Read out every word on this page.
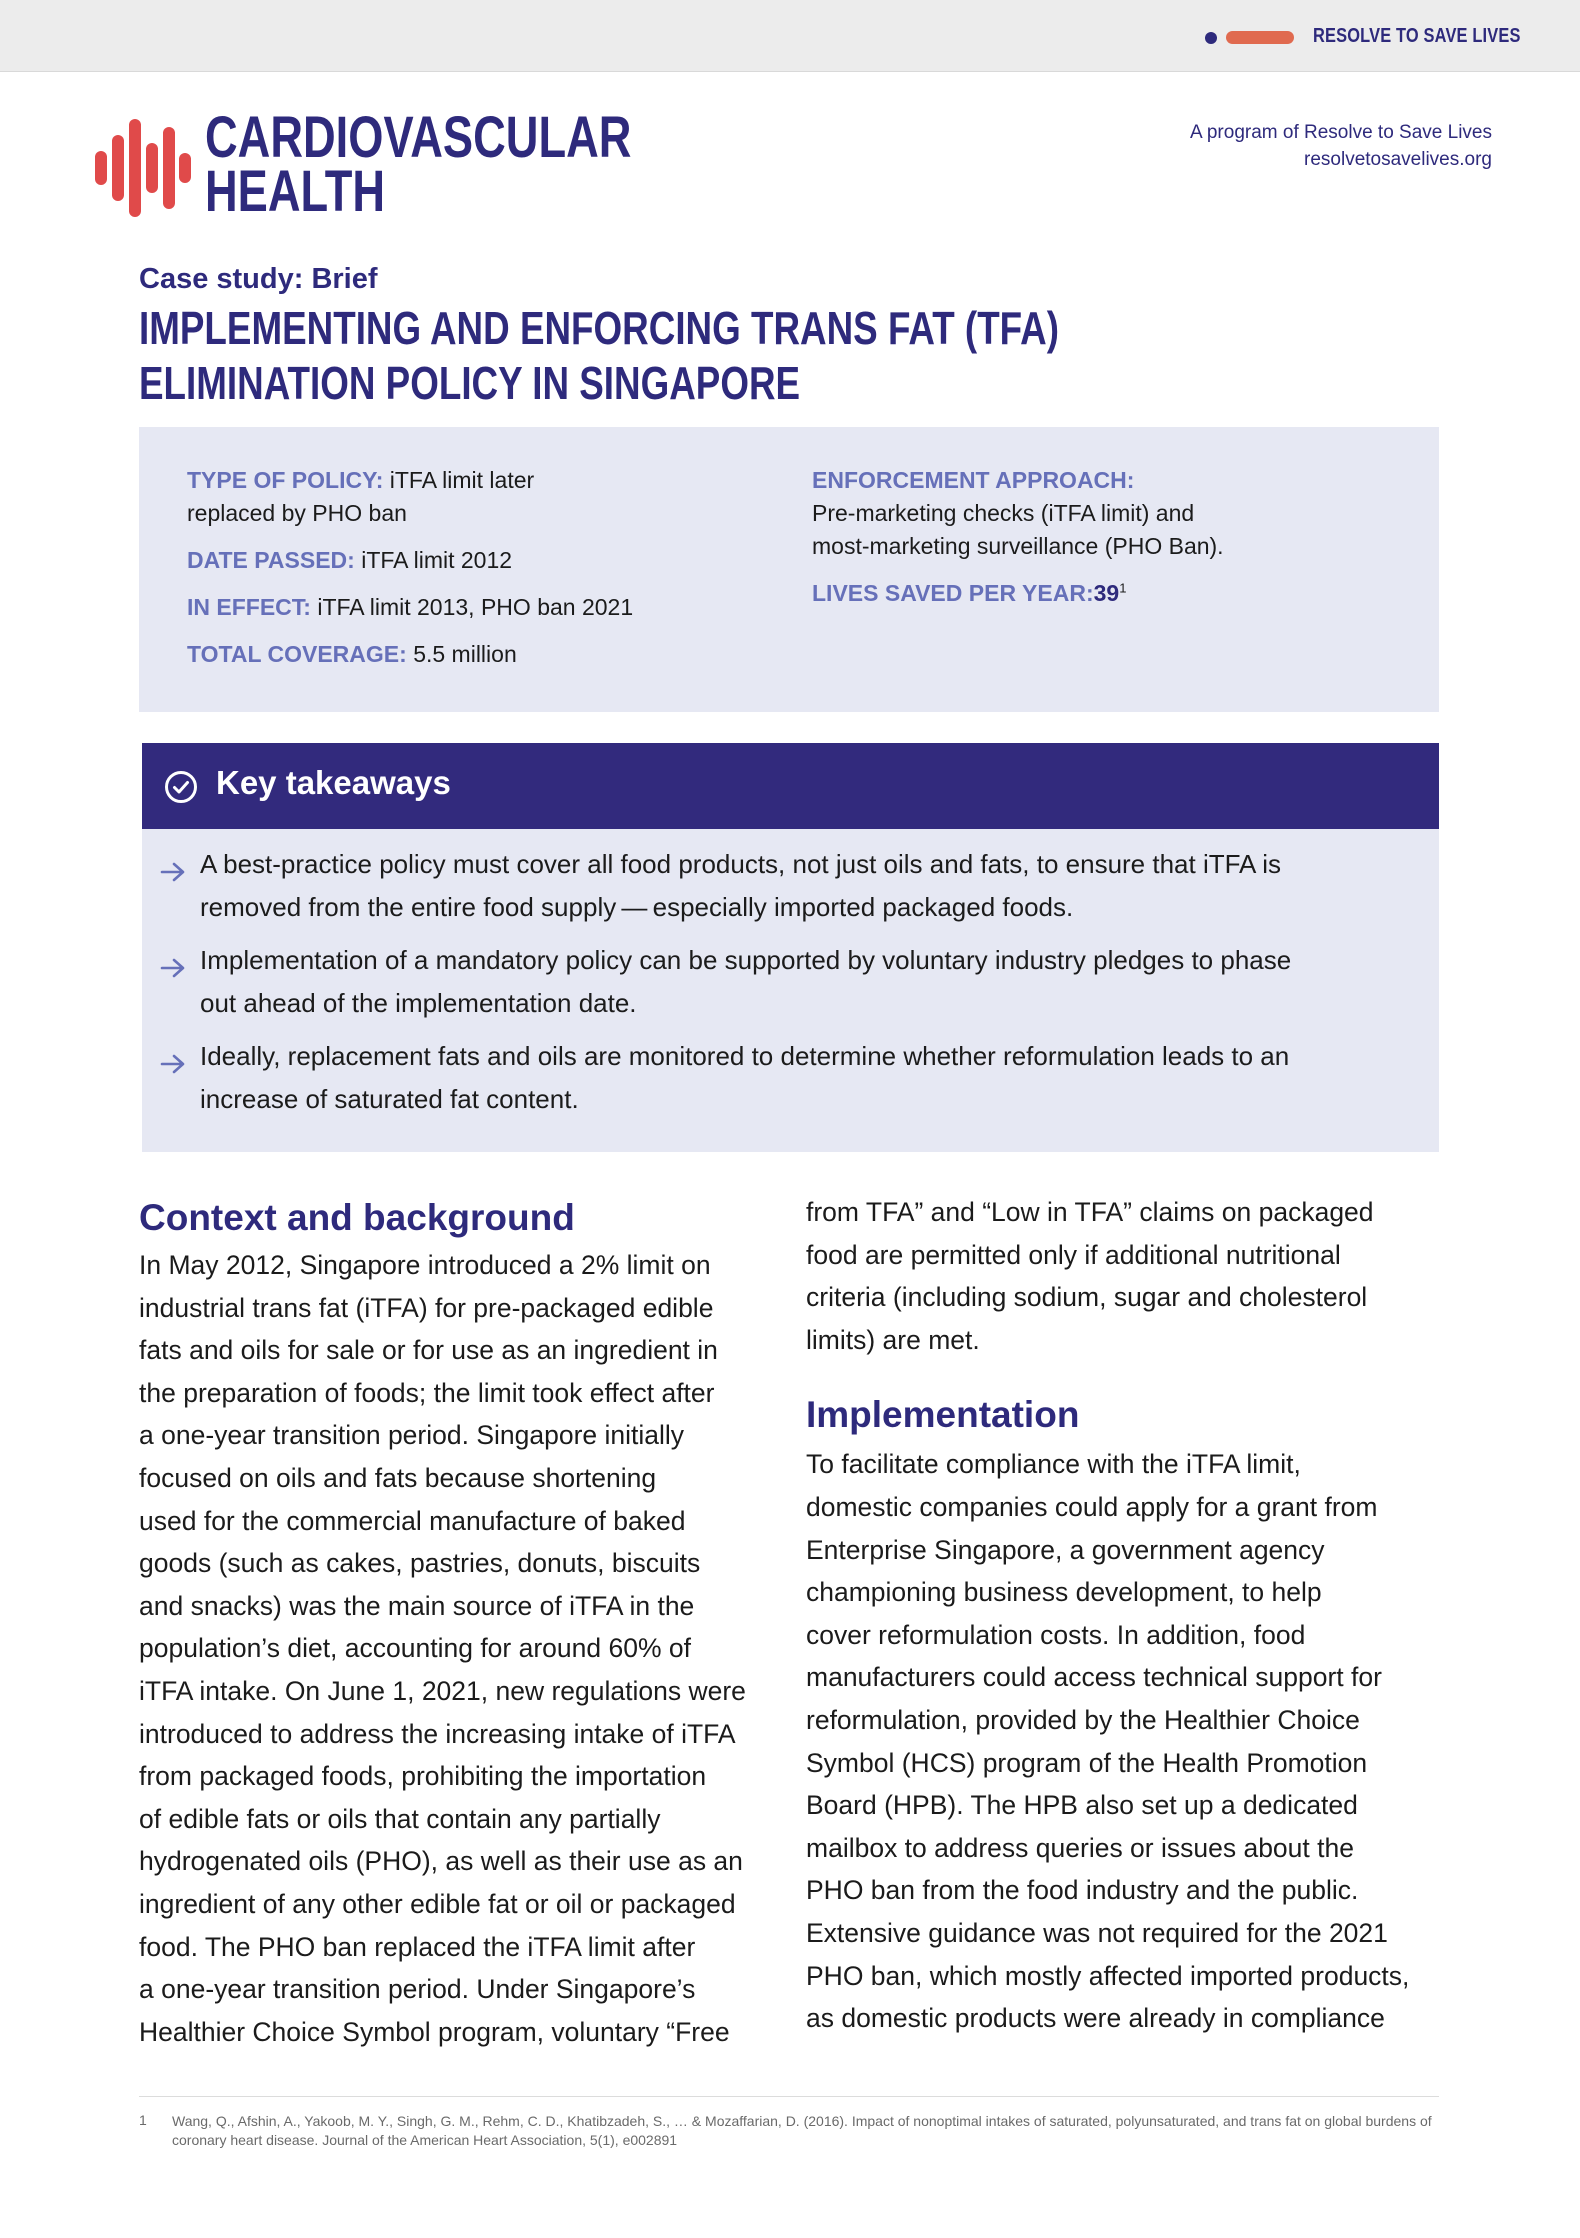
RESOLVE TO SAVE LIVES
CARDIOVASCULAR
HEALTH
A program of Resolve to Save Lives
resolvetosavelives.org
Case study: Brief
IMPLEMENTING AND ENFORCING TRANS FAT (TFA)
ELIMINATION POLICY IN SINGAPORE
TYPE OF POLICY: iTFA limit later
replaced by PHO ban
DATE PASSED: iTFA limit 2012
IN EFFECT: iTFA limit 2013, PHO ban 2021
TOTAL COVERAGE: 5.5 million
ENFORCEMENT APPROACH:
Pre-marketing checks (iTFA limit) and
most-marketing surveillance (PHO Ban).
LIVES SAVED PER $YEAR:39^1$
Key takeaways
A best-practice policy must cover all food products, not just oils and fats, to ensure that iTFA is
removed from the entire food supply — especially imported packaged foods.
Implementation of a mandatory policy can be supported by voluntary industry pledges to phase
out ahead of the implementation date.
Ideally, replacement fats and oils are monitored to determine whether reformulation leads to an
increase of saturated fat content.
Context and background
In May 2012, Singapore introduced a 2% limit on
industrial trans fat (iTFA) for pre-packaged edible
fats and oils for sale or for use as an ingredient in
the preparation of foods; the limit took effect after
a one-year transition period. Singapore initially
focused on oils and fats because shortening
used for the commercial manufacture of baked
goods (such as cakes, pastries, donuts, biscuits
and snacks) was the main source of iTFA in the
population’s diet, accounting for around 60% of
iTFA intake. On June 1, 2021, new regulations were
introduced to address the increasing intake of iTFA
from packaged foods, prohibiting the importation
of edible fats or oils that contain any partially
hydrogenated oils (PHO), as well as their use as an
ingredient of any other edible fat or oil or packaged
food. The PHO ban replaced the iTFA limit after
a one-year transition period. Under Singapore’s
Healthier Choice Symbol program, voluntary “Free
from TFA” and “Low in TFA” claims on packaged
food are permitted only if additional nutritional
criteria (including sodium, sugar and cholesterol
limits) are met.
Implementation
To facilitate compliance with the iTFA limit,
domestic companies could apply for a grant from
Enterprise Singapore, a government agency
championing business development, to help
cover reformulation costs. In addition, food
manufacturers could access technical support for
reformulation, provided by the Healthier Choice
Symbol (HCS) program of the Health Promotion
Board (HPB). The HPB also set up a dedicated
mailbox to address queries or issues about the
PHO ban from the food industry and the public.
Extensive guidance was not required for the 2021
PHO ban, which mostly affected imported products,
as domestic products were already in compliance
1 Wang, Q., Afshin, A., Yakoob, M. Y., Singh, G. M., Rehm, C. D., Khatibzadeh, S., … & Mozaffarian, D. (2016). Impact of nonoptimal intakes of saturated, polyunsaturated, and trans fat on global burdens of coronary heart disease. Journal of the American Heart Association, 5(1), e002891
